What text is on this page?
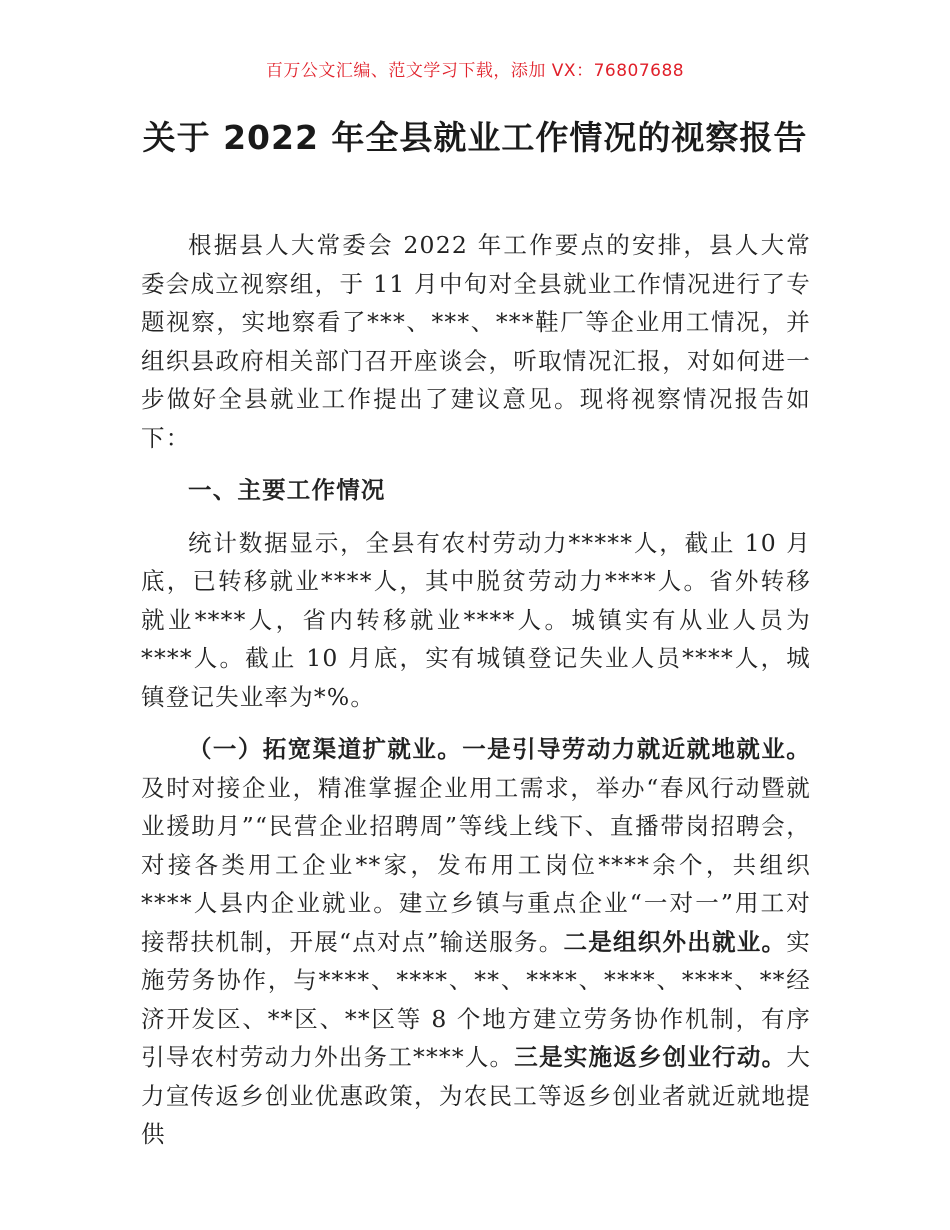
百万公文汇编、范文学习下载，添加 VX：76807688
关于 2022 年全县就业工作情况的视察报告

根据县人大常委会 2022 年工作要点的安排，县人大常委会成立视察组，于 11 月中旬对全县就业工作情况进行了专题视察，实地察看了***、***、***鞋厂等企业用工情况，并组织县政府相关部门召开座谈会，听取情况汇报，对如何进一步做好全县就业工作提出了建议意见。现将视察情况报告如下：

一、主要工作情况

统计数据显示，全县有农村劳动力*****人，截止 10 月底，已转移就业****人，其中脱贫劳动力****人。省外转移就业****人，省内转移就业****人。城镇实有从业人员为****人。截止 10 月底，实有城镇登记失业人员****人，城镇登记失业率为*%。

（一）拓宽渠道扩就业。一是引导劳动力就近就地就业。及时对接企业，精准掌握企业用工需求，举办“春风行动暨就业援助月”“民营企业招聘周”等线上线下、直播带岗招聘会，对接各类用工企业**家，发布用工岗位****余个，共组织****人县内企业就业。建立乡镇与重点企业“一对一”用工对接帮扶机制，开展“点对点”输送服务。二是组织外出就业。实施劳务协作，与****、****、**、****、****、****、**经济开发区、**区、**区等 8 个地方建立劳务协作机制，有序引导农村劳动力外出务工****人。三是实施返乡创业行动。大力宣传返乡创业优惠政策，为农民工等返乡创业者就近就地提供
